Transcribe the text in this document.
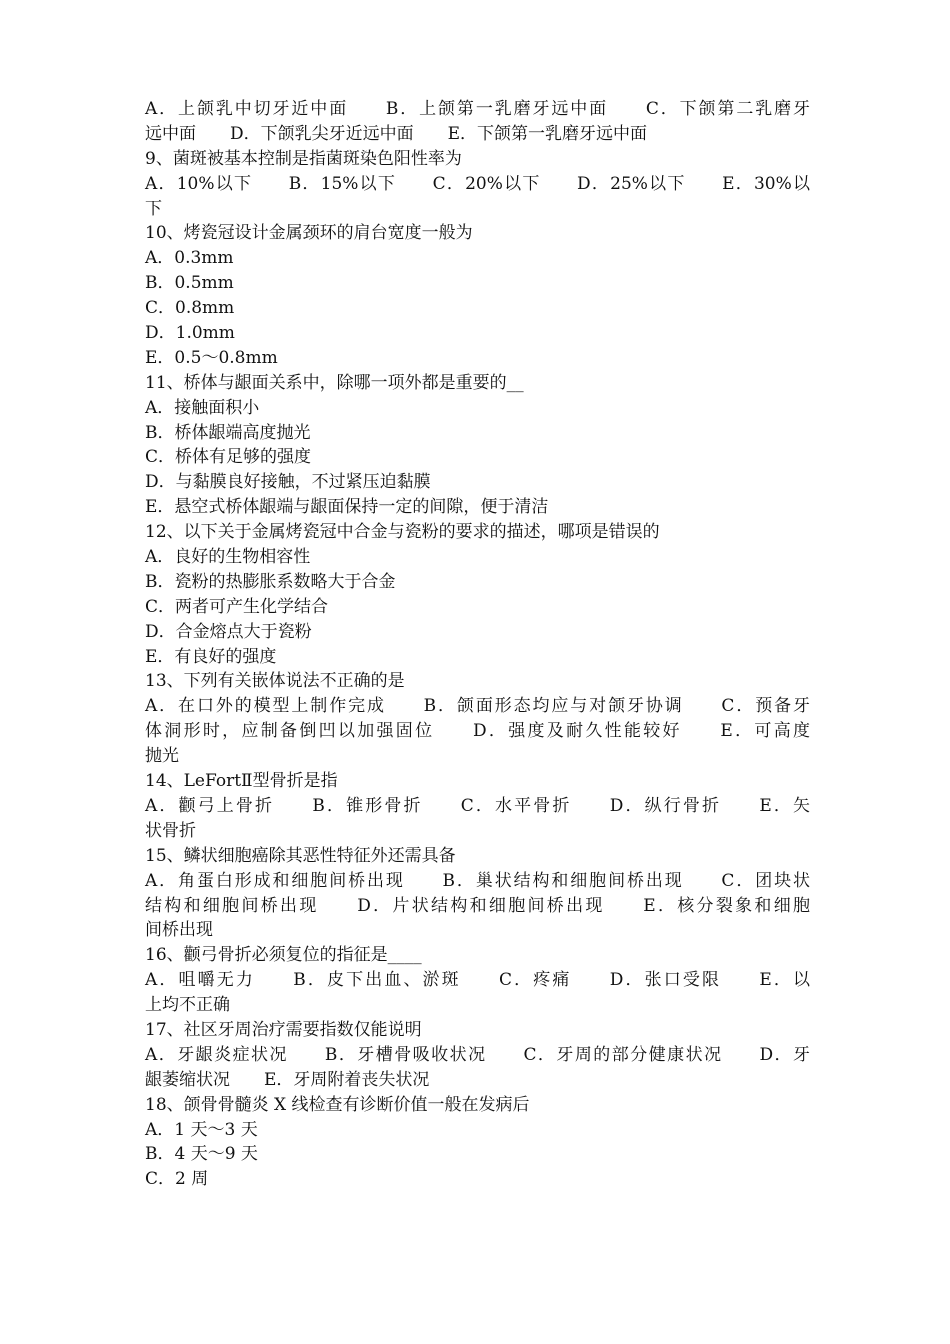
A．上颌乳中切牙近中面　　B．上颌第一乳磨牙远中面　　C．下颌第二乳磨牙
远中面　　D．下颌乳尖牙近远中面　　E．下颌第一乳磨牙远中面
9、菌斑被基本控制是指菌斑染色阳性率为
A．10%以下　　B．15%以下　　C．20%以下　　D．25%以下　　E．30%以
下
10、烤瓷冠设计金属颈环的肩台宽度一般为
A．0.3mm
B．0.5mm
C．0.8mm
D．1.0mm
E．0.5～0.8mm
11、桥体与龈面关系中，除哪一项外都是重要的__
A．接触面积小
B．桥体龈端高度抛光
C．桥体有足够的强度
D．与黏膜良好接触，不过紧压迫黏膜
E．悬空式桥体龈端与龈面保持一定的间隙，便于清洁
12、以下关于金属烤瓷冠中合金与瓷粉的要求的描述，哪项是错误的
A．良好的生物相容性
B．瓷粉的热膨胀系数略大于合金
C．两者可产生化学结合
D．合金熔点大于瓷粉
E．有良好的强度
13、下列有关嵌体说法不正确的是
A．在口外的模型上制作完成　　B．颌面形态均应与对颌牙协调　　C．预备牙
体洞形时，应制备倒凹以加强固位　　D．强度及耐久性能较好　　E．可高度
抛光
14、LeFortⅡ型骨折是指
A．颧弓上骨折　　B．锥形骨折　　C．水平骨折　　D．纵行骨折　　E．矢
状骨折
15、鳞状细胞癌除其恶性特征外还需具备
A．角蛋白形成和细胞间桥出现　　B．巢状结构和细胞间桥出现　　C．团块状
结构和细胞间桥出现　　D．片状结构和细胞间桥出现　　E．核分裂象和细胞
间桥出现
16、颧弓骨折必须复位的指征是____
A．咀嚼无力　　B．皮下出血、淤斑　　C．疼痛　　D．张口受限　　E．以
上均不正确
17、社区牙周治疗需要指数仅能说明
A．牙龈炎症状况　　B．牙槽骨吸收状况　　C．牙周的部分健康状况　　D．牙
龈萎缩状况　　E．牙周附着丧失状况
18、颌骨骨髓炎 X 线检查有诊断价值一般在发病后
A．1 天～3 天
B．4 天～9 天
C．2 周
